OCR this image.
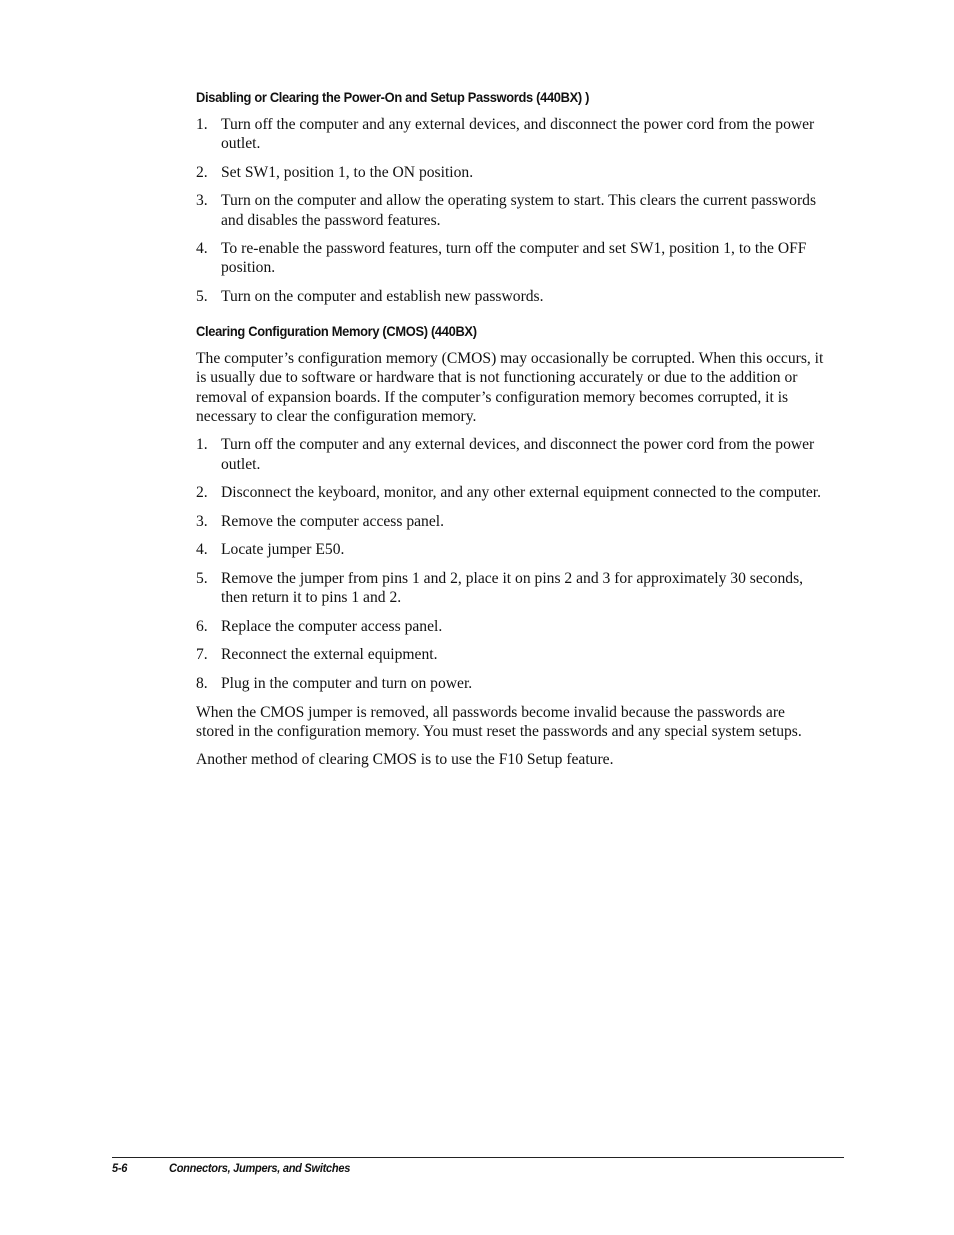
Disabling or Clearing the Power-On and Setup Passwords (440BX) )
1. Turn off the computer and any external devices, and disconnect the power cord from the power outlet.
2. Set SW1, position 1, to the ON position.
3. Turn on the computer and allow the operating system to start. This clears the current passwords and disables the password features.
4. To re-enable the password features, turn off the computer and set SW1, position 1, to the OFF position.
5. Turn on the computer and establish new passwords.
Clearing Configuration Memory (CMOS) (440BX)

The computer’s configuration memory (CMOS) may occasionally be corrupted. When this occurs, it is usually due to software or hardware that is not functioning accurately or due to the addition or removal of expansion boards. If the computer’s configuration memory becomes corrupted, it is necessary to clear the configuration memory.

1. Turn off the computer and any external devices, and disconnect the power cord from the power outlet.
2. Disconnect the keyboard, monitor, and any other external equipment connected to the computer.
3. Remove the computer access panel.
4. Locate jumper E50.
5. Remove the jumper from pins 1 and 2, place it on pins 2 and 3 for approximately 30 seconds, then return it to pins 1 and 2.
6. Replace the computer access panel.
7. Reconnect the external equipment.
8. Plug in the computer and turn on power.

When the CMOS jumper is removed, all passwords become invalid because the passwords are stored in the configuration memory. You must reset the passwords and any special system setups.

Another method of clearing CMOS is to use the F10 Setup feature.

5-6	Connectors, Jumpers, and Switches
